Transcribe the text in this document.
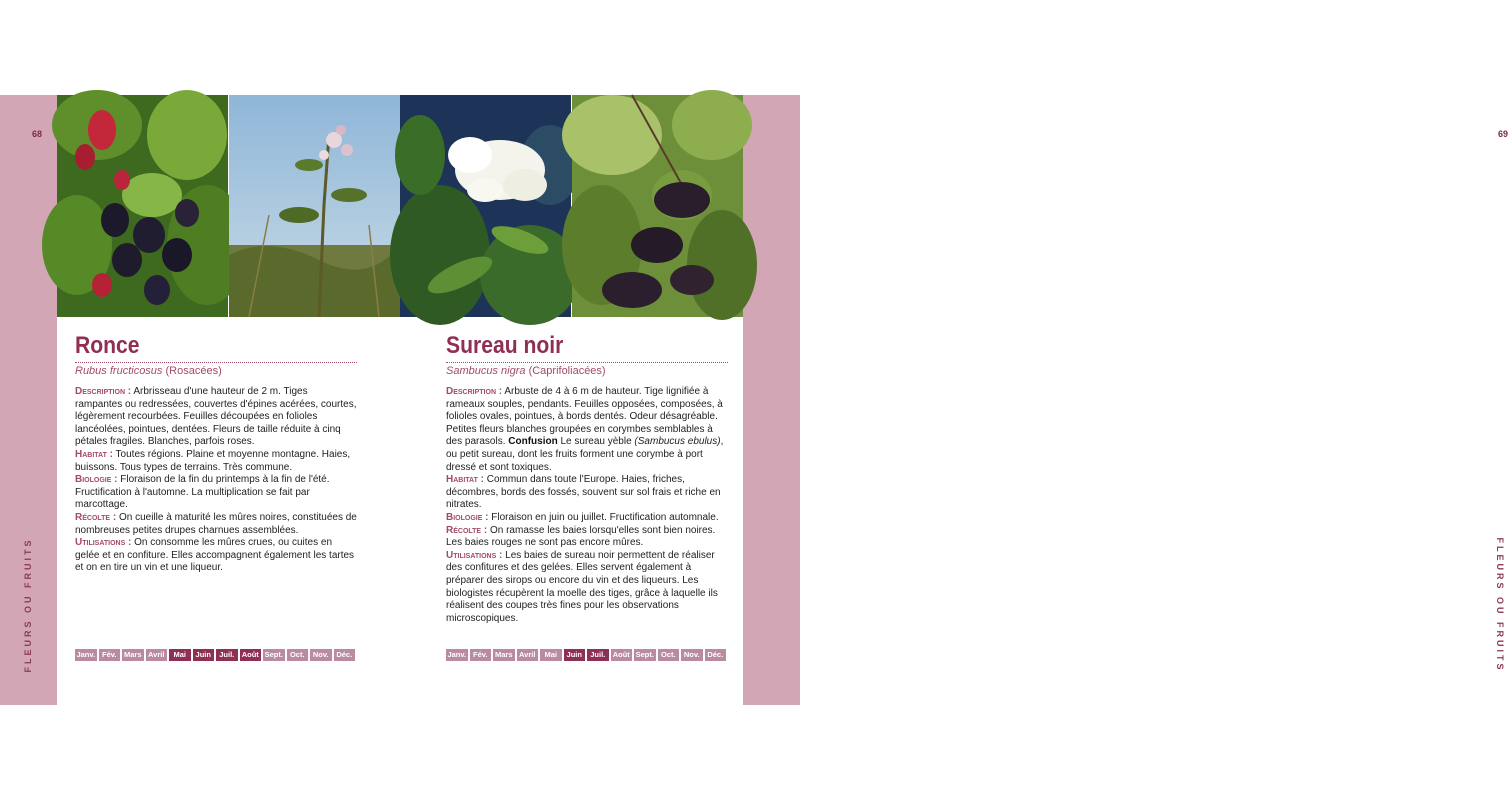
68
FLEURS OU FRUITS
69
FLEURS OU FRUITS
Ronce

Rubus fructicosus (Rosacées)

Description : Arbrisseau d'une hauteur de 2 m. Tiges rampantes ou redressées, couvertes d'épines acérées, courtes, légèrement recourbées. Feuilles découpées en folioles lancéolées, pointues, dentées. Fleurs de taille réduite à cinq pétales fragiles. Blanches, parfois roses.

Habitat : Toutes régions. Plaine et moyenne montagne. Haies, buissons. Tous types de terrains. Très commune.

Biologie : Floraison de la fin du printemps à la fin de l'été. Fructification à l'automne. La multiplication se fait par marcottage.

Récolte : On cueille à maturité les mûres noires, constituées de nombreuses petites drupes charnues assemblées.

Utilisations : On consomme les mûres crues, ou cuites en gelée et en confiture. Elles accompagnent également les tartes et on en tire un vin et une liqueur.

Janv. Fév.	Mars Avril	Mai	Juin	Juil. Août Sept. Oct.	Nov.	Déc.
Sureau noir

Sambucus nigra (Caprifoliacées)

Description : Arbuste de 4 à 6 m de hauteur. Tige lignifiée à rameaux souples, pendants. Feuilles opposées, composées, à folioles ovales, pointues, à bords dentés. Odeur désagréable. Petites fleurs blanches groupées en corymbes semblables à des parasols. Confusion Le sureau yèble (Sambucus ebulus), ou petit sureau, dont les fruits forment une corymbe à port dressé et sont toxiques.

Habitat : Commun dans toute l'Europe. Haies, friches, décombres, bords des fossés, souvent sur sol frais et riche en nitrates.

Biologie : Floraison en juin ou juillet. Fructification automnale.

Récolte : On ramasse les baies lorsqu'elles sont bien noires. Les baies rouges ne sont pas encore mûres.

Utilisations : Les baies de sureau noir permettent de réaliser des confitures et des gelées. Elles servent également à préparer des sirops ou encore du vin et des liqueurs. Les biologistes récupèrent la moelle des tiges, grâce à laquelle ils réalisent des coupes très fines pour les observations microscopiques.

Janv. Fév.	Mars Avril	Mai	Juin	Juil. Août Sept. Oct.	Nov.	Déc.
